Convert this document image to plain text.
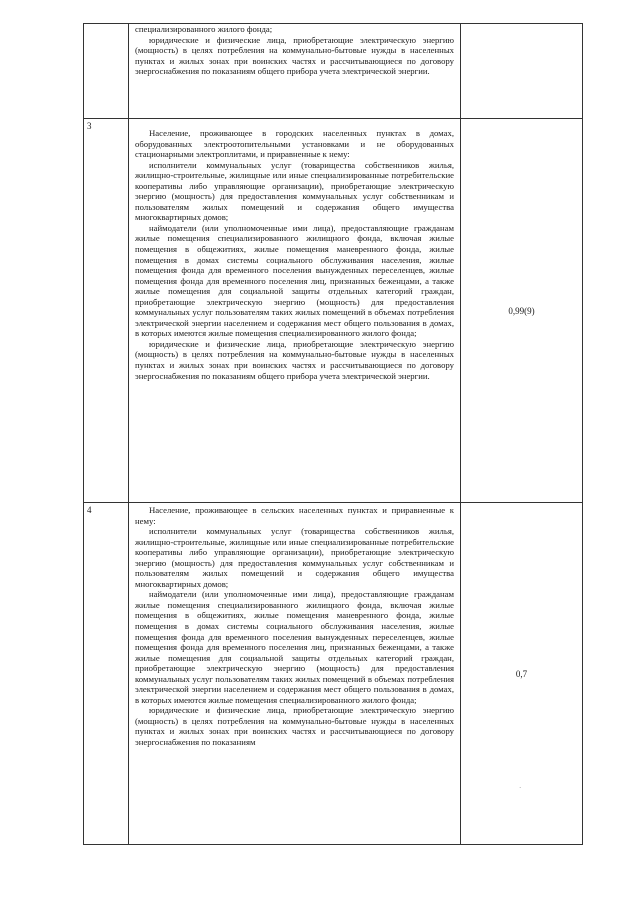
	специализированного жилого фонда;

юридические и физические лица, приобретающие электрическую энергию (мощность) в целях потребления на коммунально-бытовые нужды в населенных пунктах и жилых зонах при воинских частях и рассчитывающиеся по договору энергоснабжения по показаниям общего прибора учета электрической энергии.	

3	Население, проживающее в городских населенных пунктах в домах, оборудованных электроотопительными установками и не оборудованных стационарными электроплитами, и приравненные к нему:

исполнители коммунальных услуг (товарищества собственников жилья, жилищно-строительные, жилищные или иные специализированные потребительские кооперативы либо управляющие организации), приобретающие электрическую энергию (мощность) для предоставления коммунальных услуг собственникам и пользователям жилых помещений и содержания общего имущества многоквартирных домов;

наймодатели (или уполномоченные ими лица), предоставляющие гражданам жилые помещения специализированного жилищного фонда, включая жилые помещения в общежитиях, жилые помещения маневренного фонда, жилые помещения в домах системы социального обслуживания населения, жилые помещения фонда для временного поселения вынужденных переселенцев, жилые помещения фонда для временного поселения лиц, признанных беженцами, а также жилые помещения для социальной защиты отдельных категорий граждан, приобретающие электрическую энергию (мощность) для предоставления коммунальных услуг пользователям таких жилых помещений в объемах потребления электрической энергии населением и содержания мест общего пользования в домах, в которых имеются жилые помещения специализированного жилого фонда;

юридические и физические лица, приобретающие электрическую энергию (мощность) в целях потребления на коммунально-бытовые нужды в населенных пунктах и жилых зонах при воинских частях и рассчитывающиеся по договору энергоснабжения по показаниям общего прибора учета электрической энергии.	0,99(9)
4	Население, проживающее в сельских населенных пунктах и приравненные к нему:

исполнители коммунальных услуг (товарищества собственников жилья, жилищно-строительные, жилищные или иные специализированные потребительские кооперативы либо управляющие организации), приобретающие электрическую энергию (мощность) для предоставления коммунальных услуг собственникам и пользователям жилых помещений и содержания общего имущества многоквартирных домов;

наймодатели (или уполномоченные ими лица), предоставляющие гражданам жилые помещения специализированного жилищного фонда, включая жилые помещения в общежитиях, жилые помещения маневренного фонда, жилые помещения в домах системы социального обслуживания населения, жилые помещения фонда для временного поселения вынужденных переселенцев, жилые помещения фонда для временного поселения лиц, признанных беженцами, а также жилые помещения для социальной защиты отдельных категорий граждан, приобретающие электрическую энергию (мощность) для предоставления коммунальных услуг пользователям таких жилых помещений в объемах потребления электрической энергии населением и содержания мест общего пользования в домах, в которых имеются жилые помещения специализированного жилого фонда;

юридические и физические лица, приобретающие электрическую энергию (мощность) в целях потребления на коммунально-бытовые нужды в населенных пунктах и жилых зонах при воинских частях и рассчитывающиеся по договору энергоснабжения по показаниям	0,7
·
